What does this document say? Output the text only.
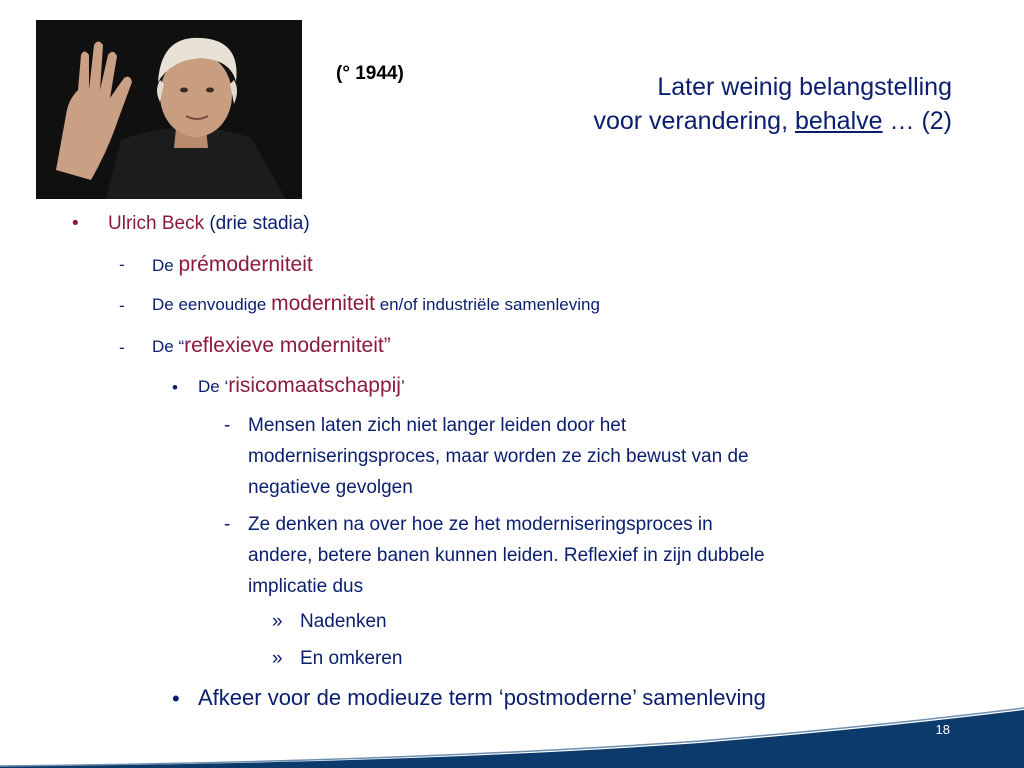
(° 1944)	Later weinig belangstelling
voor verandering, behalve … (2)
• Ulrich Beck (drie stadia)
- De prémoderniteit
- De eenvoudige moderniteit en/of industriële samenleving
- De “reflexieve moderniteit”
• De ‘risicomaatschappij’
- Mensen laten zich niet langer leiden door het
moderniseringsproces, maar worden ze zich bewust van de
negatieve gevolgen
- Ze denken na over hoe ze het moderniseringsproces in
andere, betere banen kunnen leiden. Reflexief in zijn dubbele
implicatie dus
» Nadenken
» En omkeren
• Afkeer voor de modieuze term ‘postmoderne’ samenleving
18
